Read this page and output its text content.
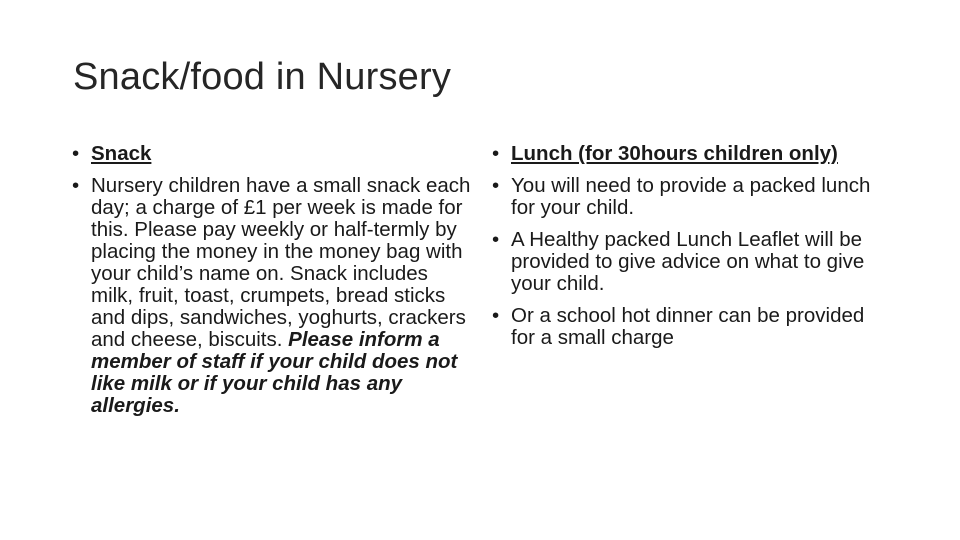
Snack/food in Nursery
• Snack
• Nursery children have a small snack each day; a charge of £1 per week is made for this. Please pay weekly or half-termly by placing the money in the money bag with your child’s name on. Snack includes milk, fruit, toast, crumpets, bread sticks and dips, sandwiches, yoghurts, crackers and cheese, biscuits. Please inform a member of staff if your child does not like milk or if your child has any allergies.
• Lunch (for 30hours children only)
• You will need to provide a packed lunch for your child.
• A Healthy packed Lunch Leaflet will be provided to give advice on what to give your child.
• Or a school hot dinner can be provided for a small charge
